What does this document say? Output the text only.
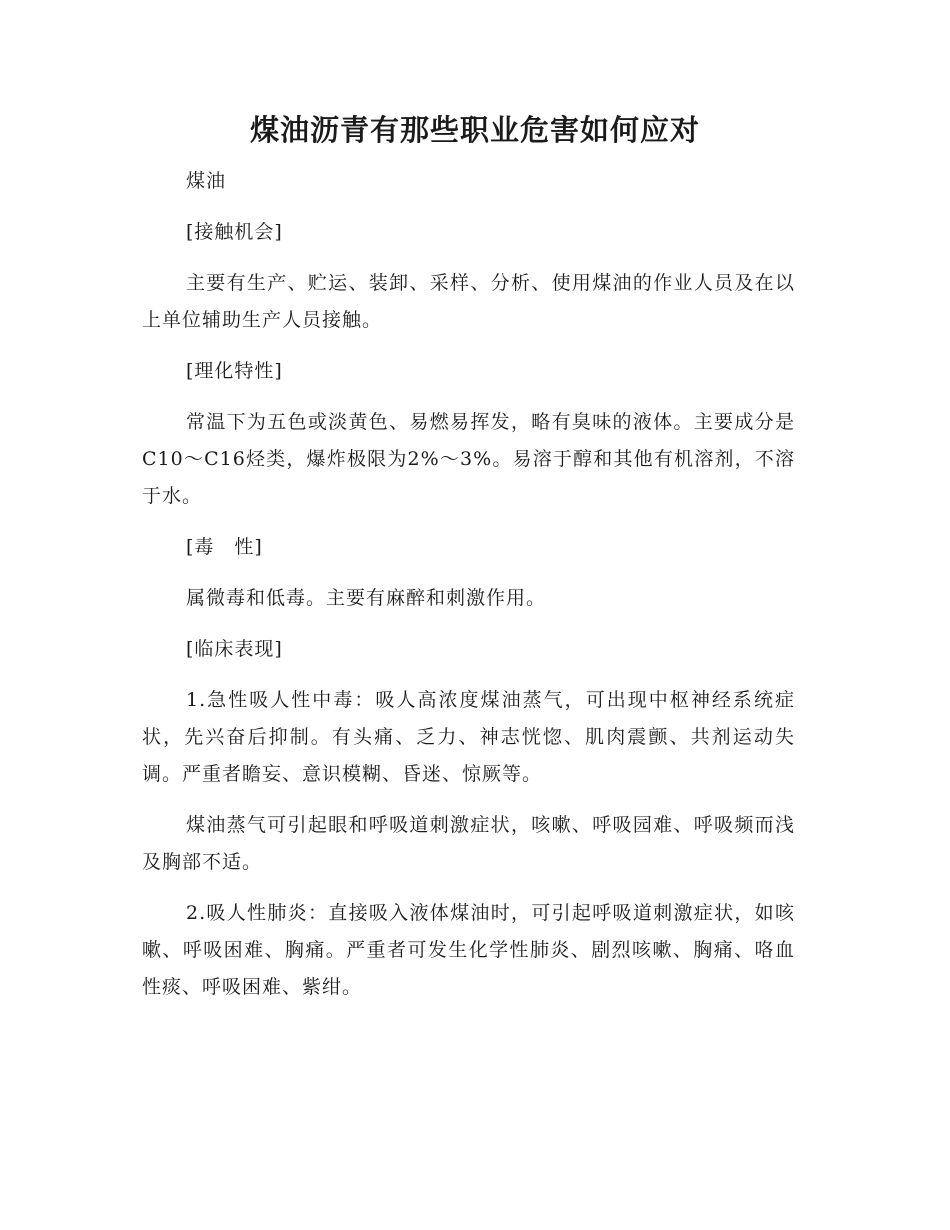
煤油沥青有那些职业危害如何应对

煤油

[接触机会]

主要有生产、贮运、装卸、采样、分析、使用煤油的作业人员及在以上单位辅助生产人员接触。

[理化特性]

常温下为五色或淡黄色、易燃易挥发，略有臭味的液体。主要成分是C10～C16烃类，爆炸极限为2%～3%。易溶于醇和其他有机溶剂，不溶于水。

[毒　性]

属微毒和低毒。主要有麻醉和刺激作用。

[临床表现]

1.急性吸人性中毒：吸人高浓度煤油蒸气，可出现中枢神经系统症状，先兴奋后抑制。有头痛、乏力、神志恍惚、肌肉震颤、共剂运动失调。严重者瞻妄、意识模糊、昏迷、惊厥等。

煤油蒸气可引起眼和呼吸道刺激症状，咳嗽、呼吸园难、呼吸频而浅及胸部不适。

2.吸人性肺炎：直接吸入液体煤油时，可引起呼吸道刺激症状，如咳嗽、呼吸困难、胸痛。严重者可发生化学性肺炎、剧烈咳嗽、胸痛、咯血性痰、呼吸困难、紫绀。
